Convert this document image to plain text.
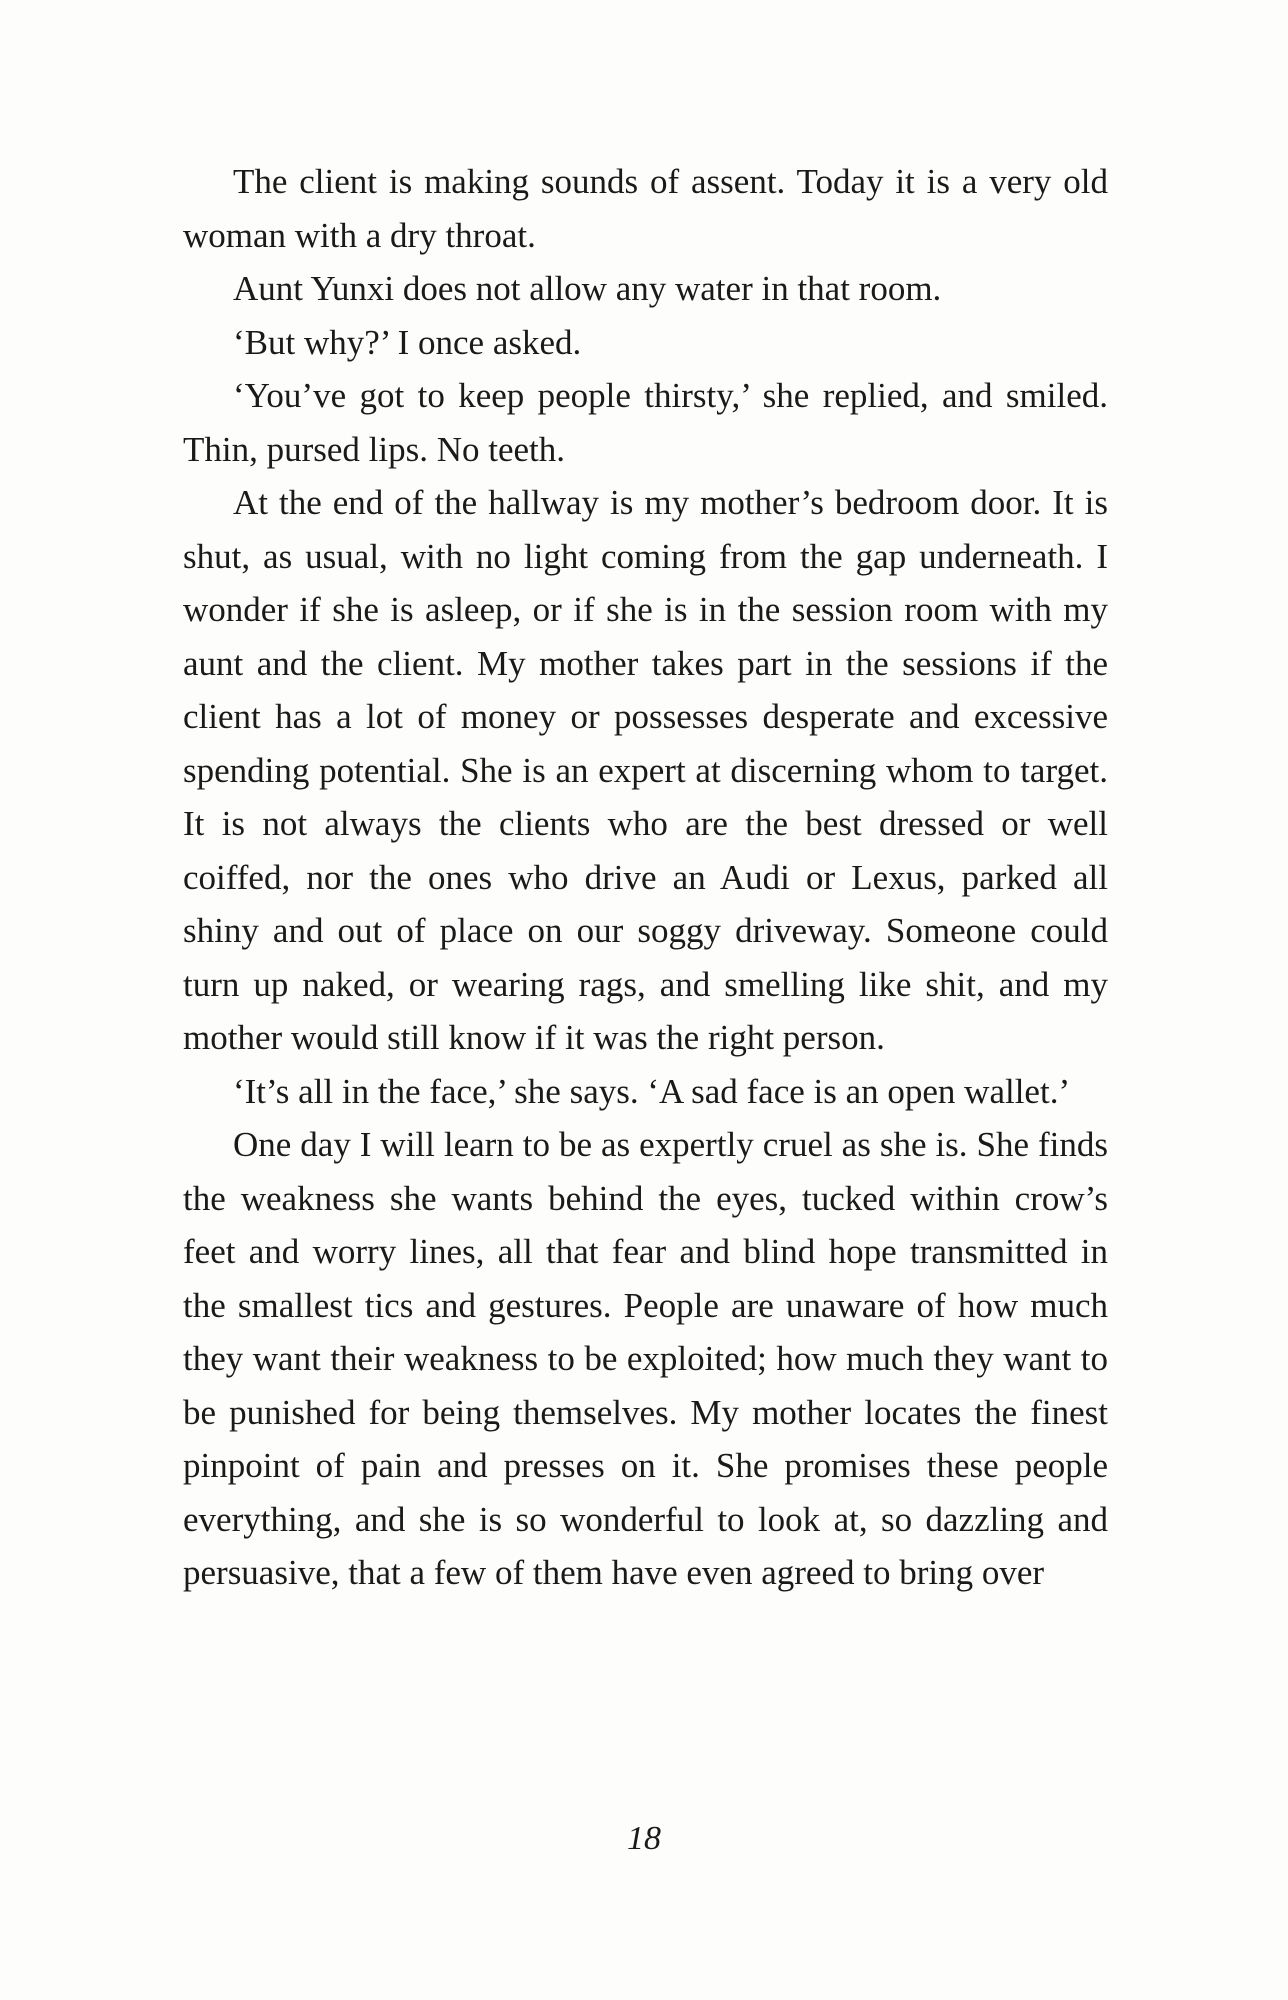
The client is making sounds of assent. Today it is a very old woman with a dry throat.

Aunt Yunxi does not allow any water in that room.

‘But why?’ I once asked.

‘You’ve got to keep people thirsty,’ she replied, and smiled. Thin, pursed lips. No teeth.

At the end of the hallway is my mother’s bedroom door. It is shut, as usual, with no light coming from the gap underneath. I wonder if she is asleep, or if she is in the session room with my aunt and the client. My mother takes part in the sessions if the client has a lot of money or possesses desperate and excessive spending potential. She is an expert at discerning whom to target. It is not always the clients who are the best dressed or well coiffed, nor the ones who drive an Audi or Lexus, parked all shiny and out of place on our soggy driveway. Someone could turn up naked, or wearing rags, and smelling like shit, and my mother would still know if it was the right person.

‘It’s all in the face,’ she says. ‘A sad face is an open wallet.’

One day I will learn to be as expertly cruel as she is. She finds the weakness she wants behind the eyes, tucked within crow’s feet and worry lines, all that fear and blind hope transmitted in the smallest tics and gestures. People are unaware of how much they want their weakness to be exploited; how much they want to be punished for being themselves. My mother locates the finest pinpoint of pain and presses on it. She promises these people everything, and she is so wonderful to look at, so dazzling and persuasive, that a few of them have even agreed to bring over

18
